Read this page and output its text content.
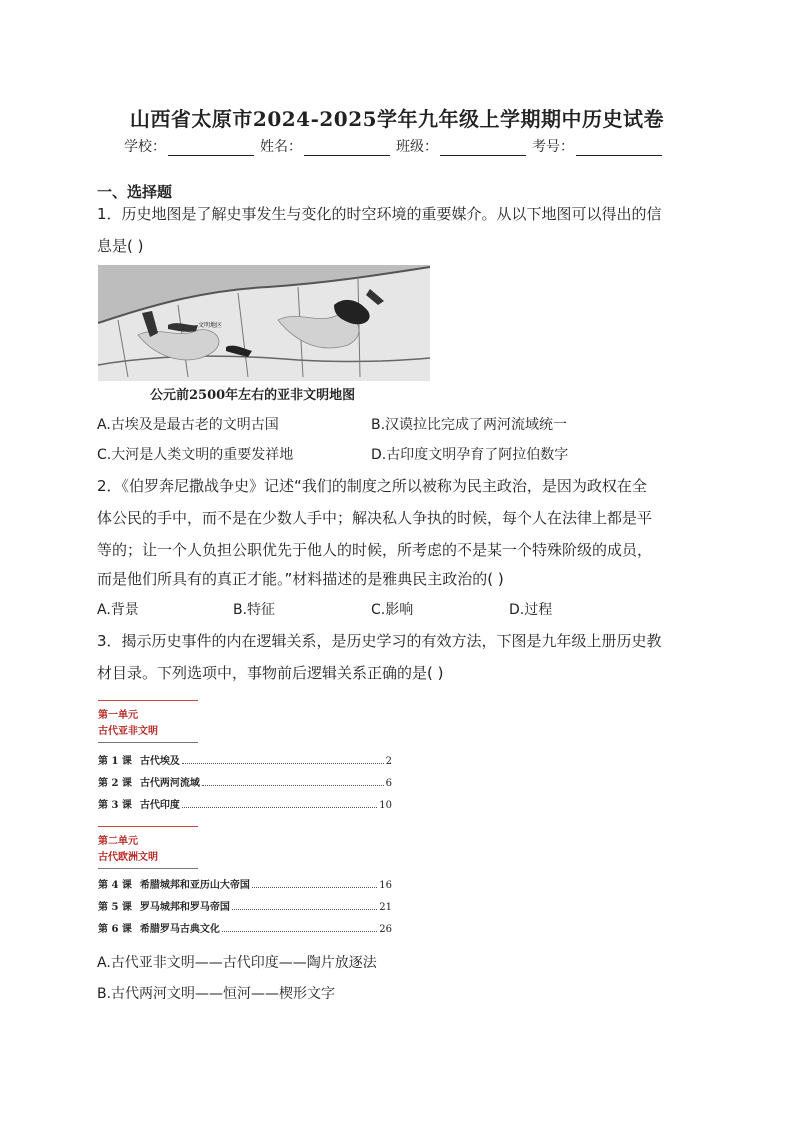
山西省太原市2024-2025学年九年级上学期期中历史试卷
学校：	姓名：	班级：	考号：
一、选择题
1．历史地图是了解史事发生与变化的时空环境的重要媒介。从以下地图可以得出的信
息是( )
文明地区
公元前2500年左右的亚非文明地图
A.古埃及是最古老的文明古国	B.汉谟拉比完成了两河流域统一
C.大河是人类文明的重要发祥地	D.古印度文明孕育了阿拉伯数字
2．《伯罗奔尼撒战争史》记述“我们的制度之所以被称为民主政治，是因为政权在全
体公民的手中，而不是在少数人手中；解决私人争执的时候，每个人在法律上都是平
等的；让一个人负担公职优先于他人的时候，所考虑的不是某一个特殊阶级的成员，
而是他们所具有的真正才能。”材料描述的是雅典民主政治的( )
A.背景	B.特征	C.影响	D.过程
3．揭示历史事件的内在逻辑关系，是历史学习的有效方法，下图是九年级上册历史教
材目录。下列选项中，事物前后逻辑关系正确的是( )
第一单元
古代亚非文明
第 1 课 古代埃及	2
第 2 课 古代两河流域	6
第 3 课 古代印度	10
第二单元
古代欧洲文明
第 4 课 希腊城邦和亚历山大帝国	16
第 5 课 罗马城邦和罗马帝国	21
第 6 课 希腊罗马古典文化	26
A.古代亚非文明——古代印度——陶片放逐法
B.古代两河文明——恒河——楔形文字
